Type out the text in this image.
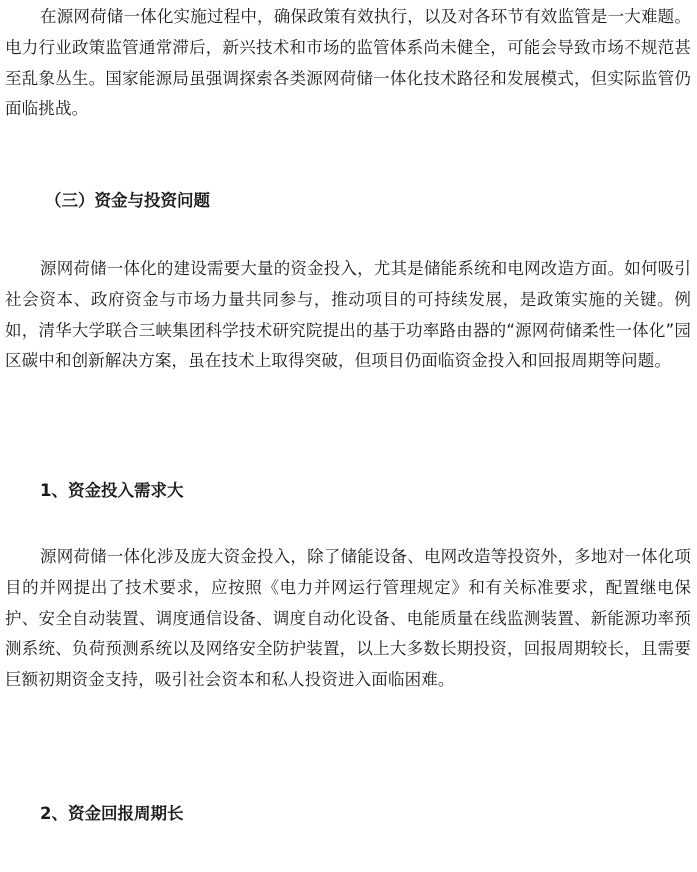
在源网荷储一体化实施过程中，确保政策有效执行，以及对各环节有效监管是一大难题。电力行业政策监管通常滞后，新兴技术和市场的监管体系尚未健全，可能会导致市场不规范甚至乱象丛生。国家能源局虽强调探索各类源网荷储一体化技术路径和发展模式，但实际监管仍面临挑战。

（三）资金与投资问题

源网荷储一体化的建设需要大量的资金投入，尤其是储能系统和电网改造方面。如何吸引社会资本、政府资金与市场力量共同参与，推动项目的可持续发展，是政策实施的关键。例如，清华大学联合三峡集团科学技术研究院提出的基于功率路由器的“源网荷储柔性一体化”园区碳中和创新解决方案，虽在技术上取得突破，但项目仍面临资金投入和回报周期等问题。

1、资金投入需求大

源网荷储一体化涉及庞大资金投入，除了储能设备、电网改造等投资外，多地对一体化项目的并网提出了技术要求，应按照《电力并网运行管理规定》和有关标准要求，配置继电保护、安全自动装置、调度通信设备、调度自动化设备、电能质量在线监测装置、新能源功率预测系统、负荷预测系统以及网络安全防护装置，以上大多数长期投资，回报周期较长，且需要巨额初期资金支持，吸引社会资本和私人投资进入面临困难。

2、资金回报周期长
